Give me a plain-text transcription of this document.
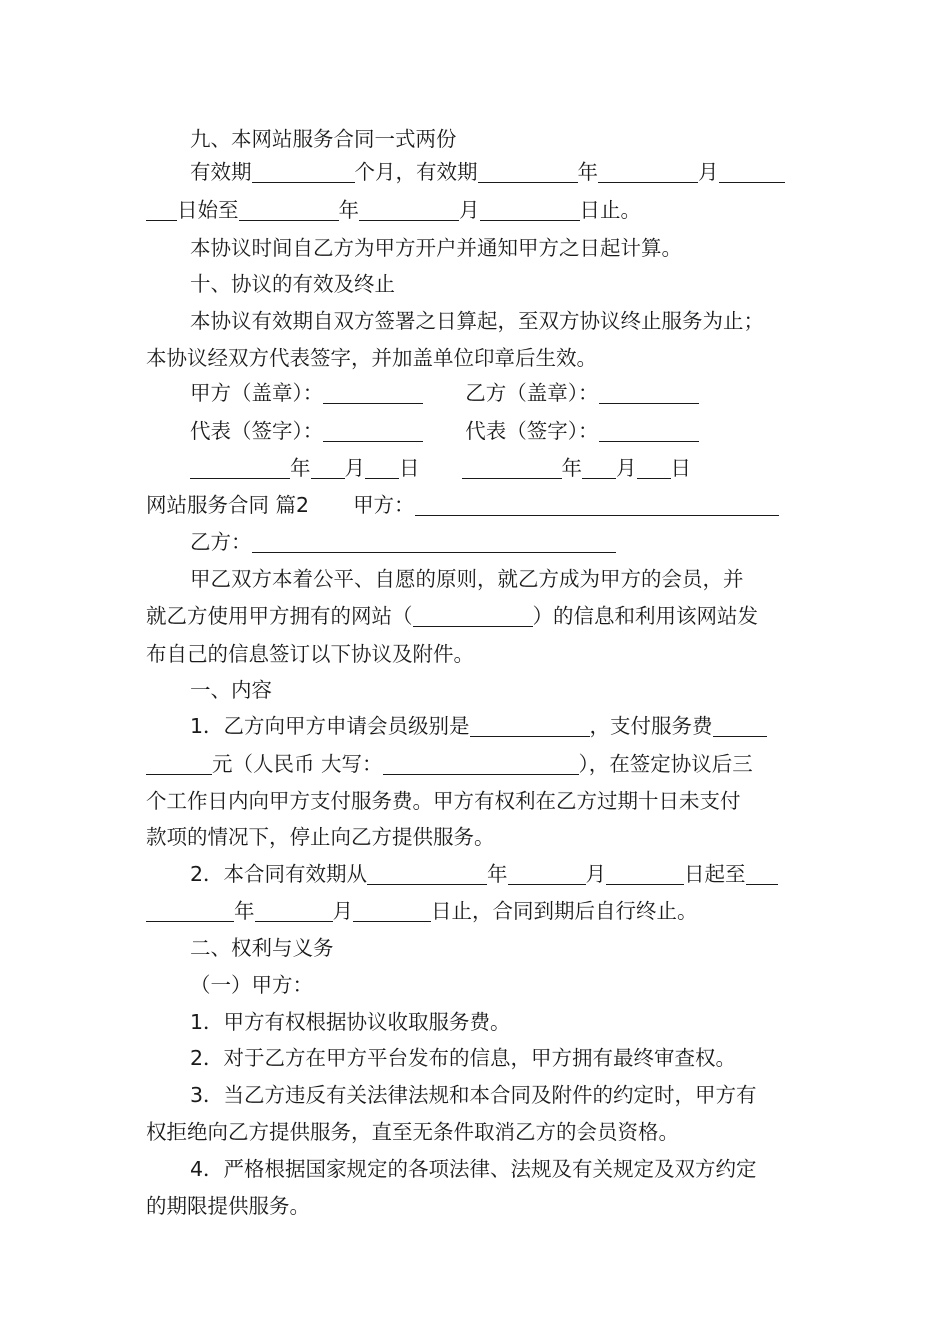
九、本网站服务合同一式两份
有效期	个月，有效期	年	月
日始至	年	月	日止。
本协议时间自乙方为甲方开户并通知甲方之日起计算。
十、协议的有效及终止
本协议有效期自双方签署之日算起，至双方协议终止服务为止；
本协议经双方代表签字，并加盖单位印章后生效。
甲方（盖章）：	乙方（盖章）：
代表（签字）：	代表（签字）：
年 月 日	年 月 日
网站服务合同 篇2 甲方：
乙方：
甲乙双方本着公平、自愿的原则，就乙方成为甲方的会员，并
就乙方使用甲方拥有的网站（	）的信息和利用该网站发
布自己的信息签订以下协议及附件。
一、内容
1．乙方向甲方申请会员级别是	，支付服务费
元（人民币 大写：	），在签定协议后三
个工作日内向甲方支付服务费。甲方有权利在乙方过期十日未支付
款项的情况下，停止向乙方提供服务。
2．本合同有效期从	年	月	日起至
年	月	日止，合同到期后自行终止。
二、权利与义务
（一）甲方：
1．甲方有权根据协议收取服务费。
2．对于乙方在甲方平台发布的信息，甲方拥有最终审查权。
3．当乙方违反有关法律法规和本合同及附件的约定时，甲方有
权拒绝向乙方提供服务，直至无条件取消乙方的会员资格。
4．严格根据国家规定的各项法律、法规及有关规定及双方约定
的期限提供服务。
